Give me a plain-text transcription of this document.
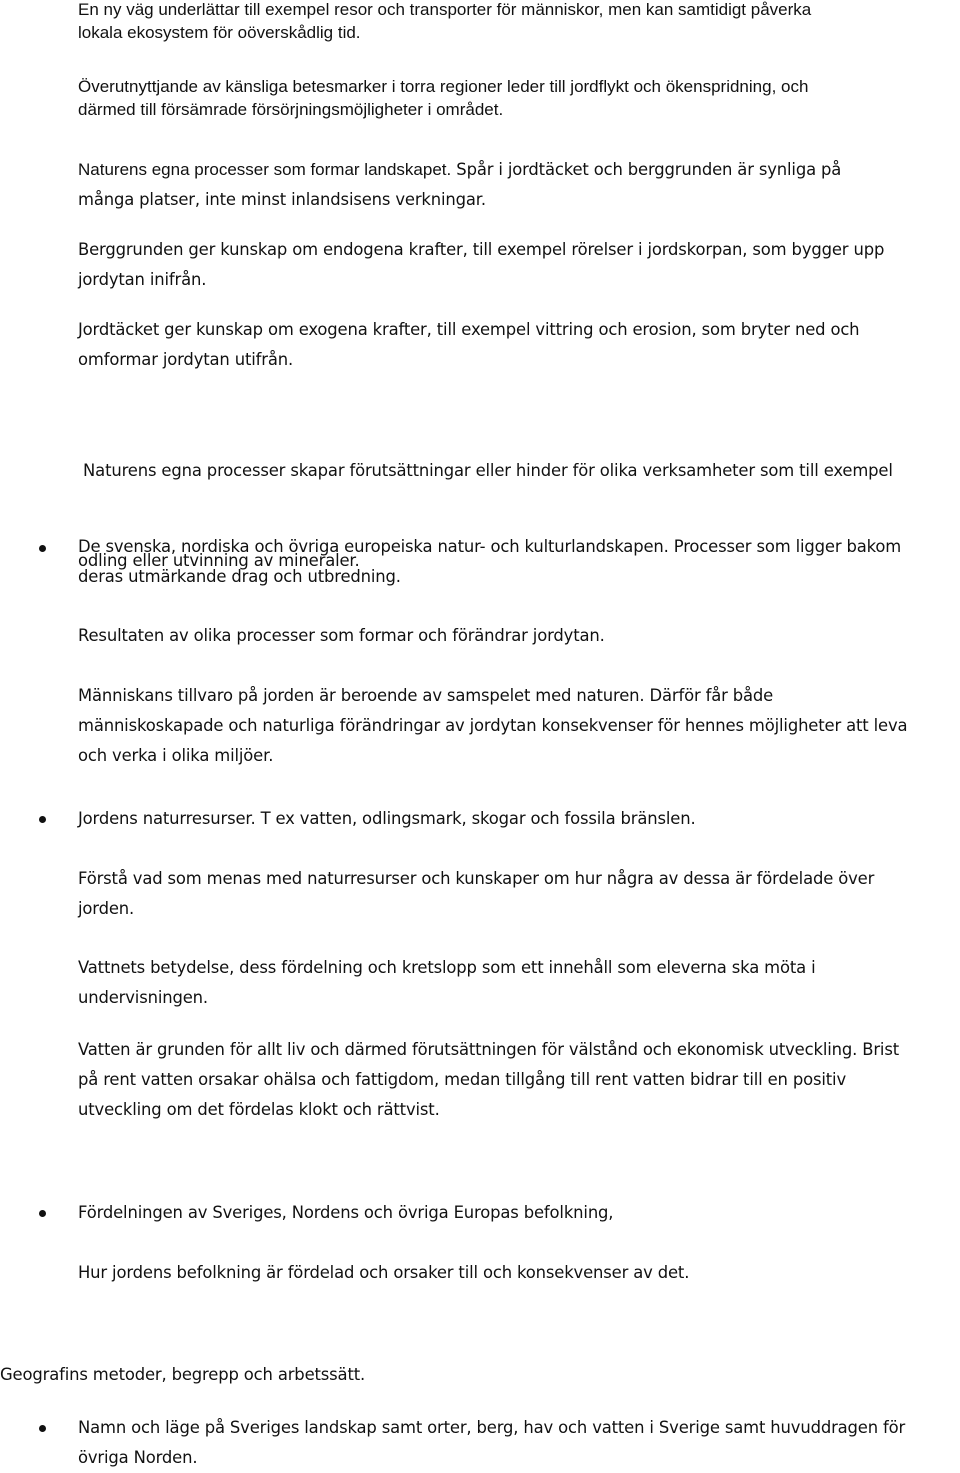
En ny väg underlättar till exempel resor och transporter för människor, men kan samtidigt påverka
lokala ekosystem för oöverskådlig tid.
Överutnyttjande av känsliga betesmarker i torra regioner leder till jordflykt och ökenspridning, och
därmed till försämrade försörjningsmöjligheter i området.
Naturens egna processer som formar landskapet. Spår i jordtäcket och berggrunden är synliga på
många platser, inte minst inlandsisens verkningar.
Berggrunden ger kunskap om endogena krafter, till exempel rörelser i jordskorpan, som bygger upp
jordytan inifrån.
Jordtäcket ger kunskap om exogena krafter, till exempel vittring och erosion, som bryter ned och
omformar jordytan utifrån.

Naturens egna processer skapar förutsättningar eller hinder för olika verksamheter som till exempel

odling eller utvinning av mineraler.

De svenska, nordiska och övriga europeiska natur- och kulturlandskapen. Processer som ligger bakom
deras utmärkande drag och utbredning.
Resultaten av olika processer som formar och förändrar jordytan.
Människans tillvaro på jorden är beroende av samspelet med naturen. Därför får både
människoskapade och naturliga förändringar av jordytan konsekvenser för hennes möjligheter att leva
och verka i olika miljöer.
Jordens naturresurser. T ex vatten, odlingsmark, skogar och fossila bränslen.
Förstå vad som menas med naturresurser och kunskaper om hur några av dessa är fördelade över
jorden.
Vattnets betydelse, dess fördelning och kretslopp som ett innehåll som eleverna ska möta i
undervisningen.
Vatten är grunden för allt liv och därmed förutsättningen för välstånd och ekonomisk utveckling. Brist
på rent vatten orsakar ohälsa och fattigdom, medan tillgång till rent vatten bidrar till en positiv
utveckling om det fördelas klokt och rättvist.
Fördelningen av Sveriges, Nordens och övriga Europas befolkning,
Hur jordens befolkning är fördelad och orsaker till och konsekvenser av det.
Geografins metoder, begrepp och arbetssätt.
Namn och läge på Sveriges landskap samt orter, berg, hav och vatten i Sverige samt huvuddragen för
övriga Norden.
